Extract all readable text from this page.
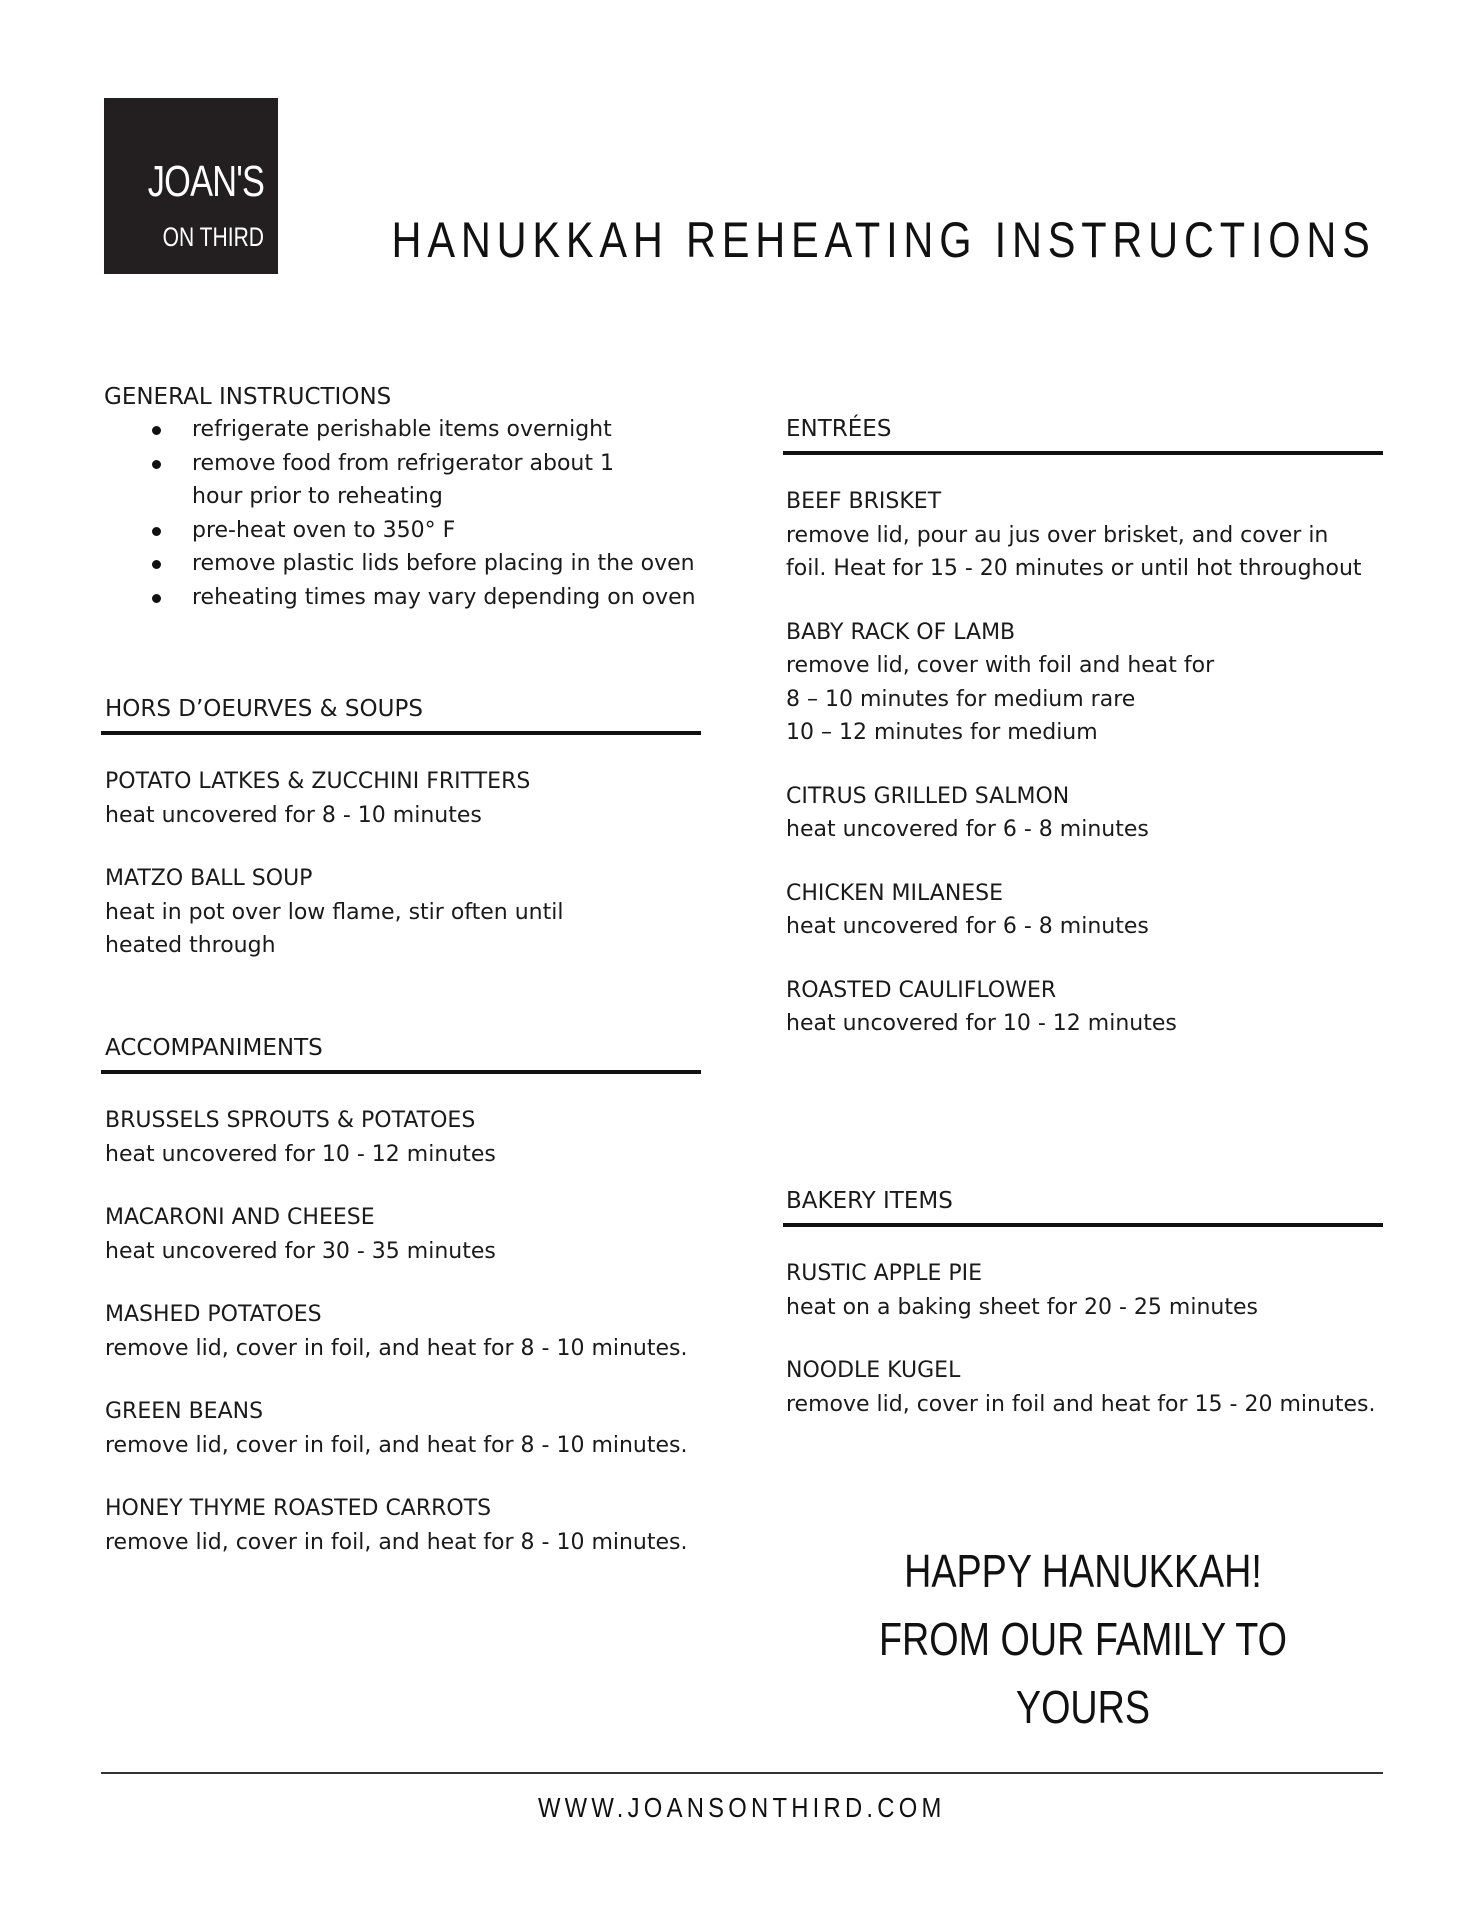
JOAN'S
ON THIRD	HANUKKAH REHEATING INSTRUCTIONS
GENERAL INSTRUCTIONS
refrigerate perishable items overnight
remove food from refrigerator about 1 hour prior to reheating
pre-heat oven to 350° F
remove plastic lids before placing in the oven
reheating times may vary depending on oven
HORS D’OEURVES & SOUPS
POTATO LATKES & ZUCCHINI FRITTERS
heat uncovered for 8 - 10 minutes
MATZO BALL SOUP
heat in pot over low flame, stir often until heated through
ACCOMPANIMENTS
BRUSSELS SPROUTS & POTATOES
heat uncovered for 10 - 12 minutes
MACARONI AND CHEESE
heat uncovered for 30 - 35 minutes
MASHED POTATOES
remove lid, cover in foil, and heat for 8 - 10 minutes.
GREEN BEANS
remove lid, cover in foil, and heat for 8 - 10 minutes.
HONEY THYME ROASTED CARROTS
remove lid, cover in foil, and heat for 8 - 10 minutes.
ENTRÉES
BEEF BRISKET
remove lid, pour au jus over brisket, and cover in foil. Heat for 15 - 20 minutes or until hot throughout
BABY RACK OF LAMB
remove lid, cover with foil and heat for
8 – 10 minutes for medium rare
10 – 12 minutes for medium
CITRUS GRILLED SALMON
heat uncovered for 6 - 8 minutes
CHICKEN MILANESE
heat uncovered for 6 - 8 minutes
ROASTED CAULIFLOWER
heat uncovered for 10 - 12 minutes
BAKERY ITEMS
RUSTIC APPLE PIE
heat on a baking sheet for 20 - 25 minutes
NOODLE KUGEL
remove lid, cover in foil and heat for 15 - 20 minutes.
HAPPY HANUKKAH!
FROM OUR FAMILY TO YOURS
WWW.JOANSONTHIRD.COM
